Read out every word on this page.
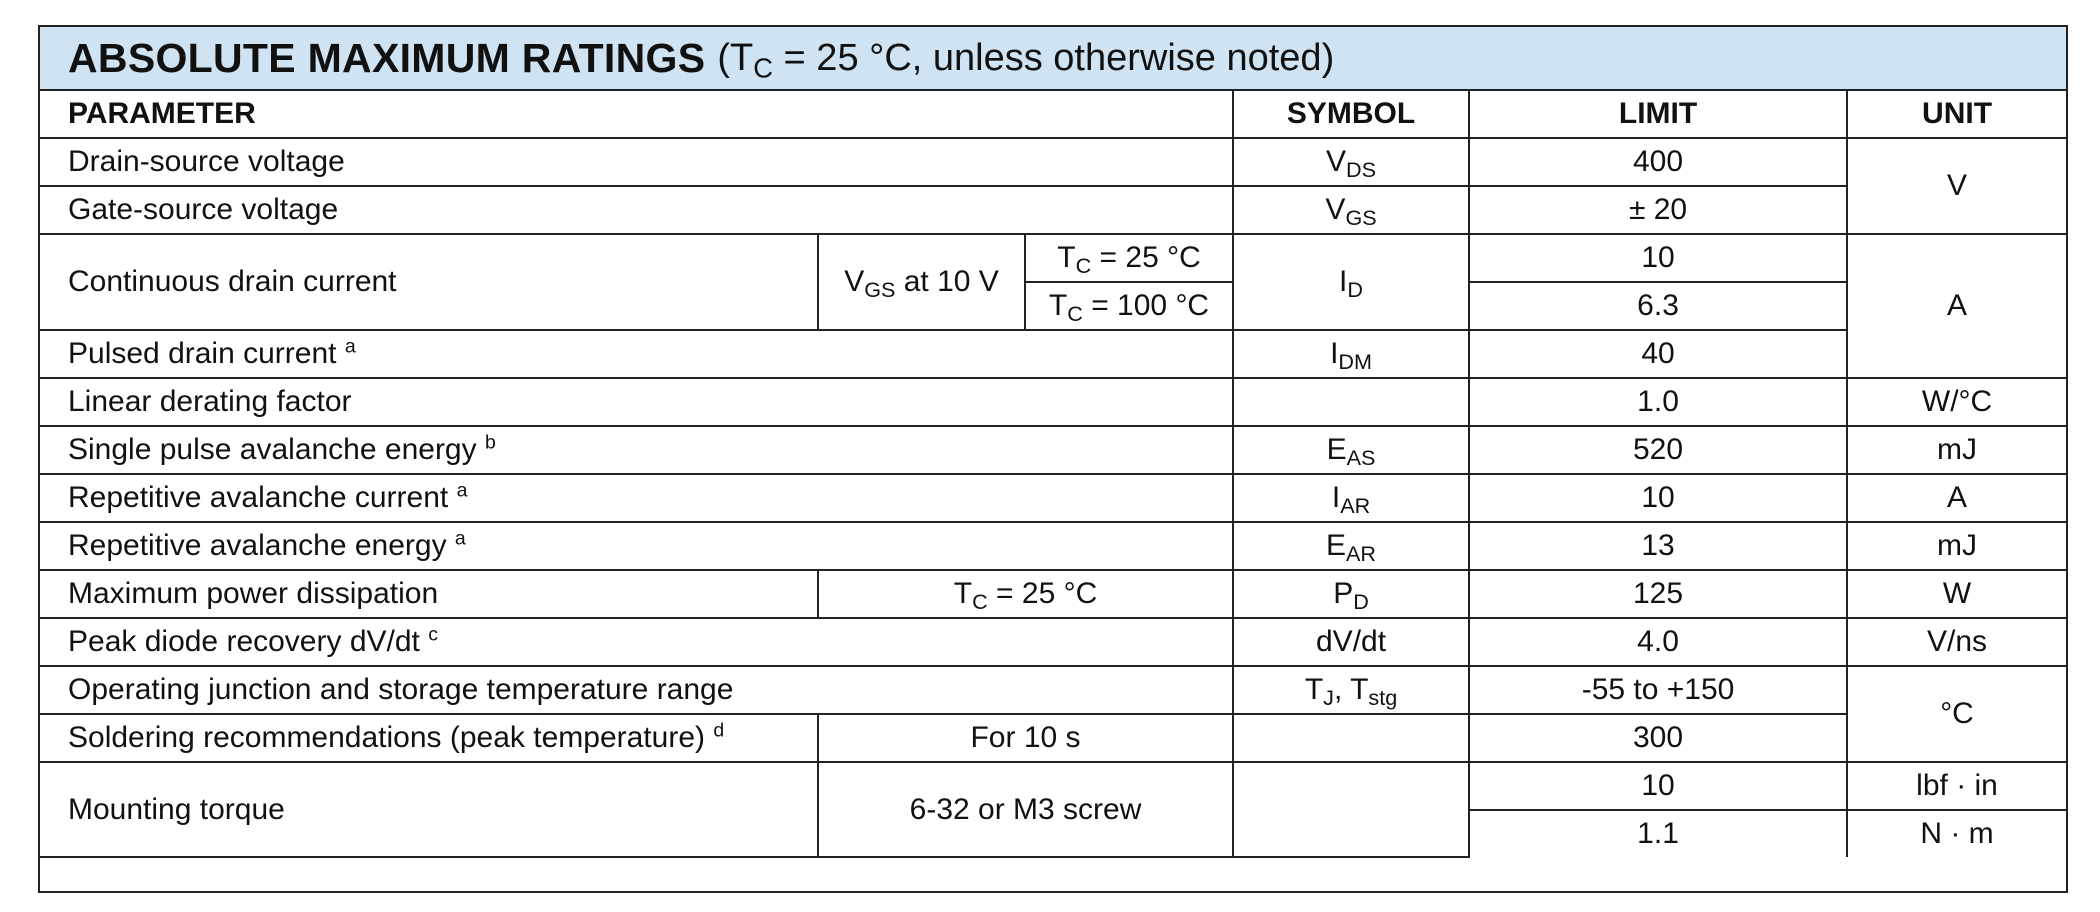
ABSOLUTE MAXIMUM RATINGS ($T_C = 25$ °C, unless otherwise noted)
PARAMETER			SYMBOL	LIMIT	UNIT
Drain-source voltage			$V_{DS}$	400	V
Gate-source voltage			$V_{GS}$	± 20	
Continuous drain current	$V_{GS}$ at 10 V	$T_C = 25$ °C	$I_D$	10	A
		$T_C = 100$ °C		6.3	
Pulsed drain current $^a$			$I_{DM}$	40	
Linear derating factor				1.0	W/°C
Single pulse avalanche energy $^b$			$E_{AS}$	520	mJ
Repetitive avalanche current $^a$			$I_{AR}$	10	A
Repetitive avalanche energy $^a$			$E_{AR}$	13	mJ
Maximum power dissipation	$T_C = 25$ °C		$P_D$	125	W
Peak diode recovery dV/dt $^c$			dV/dt	4.0	V/ns
Operating junction and storage temperature range			$T_J$, $T_{stg}$	-55 to +150	°C
Soldering recommendations (peak temperature) $^d$	For 10 s			300	
Mounting torque	6-32 or M3 screw			10	lbf · in
				1.1	N · m
